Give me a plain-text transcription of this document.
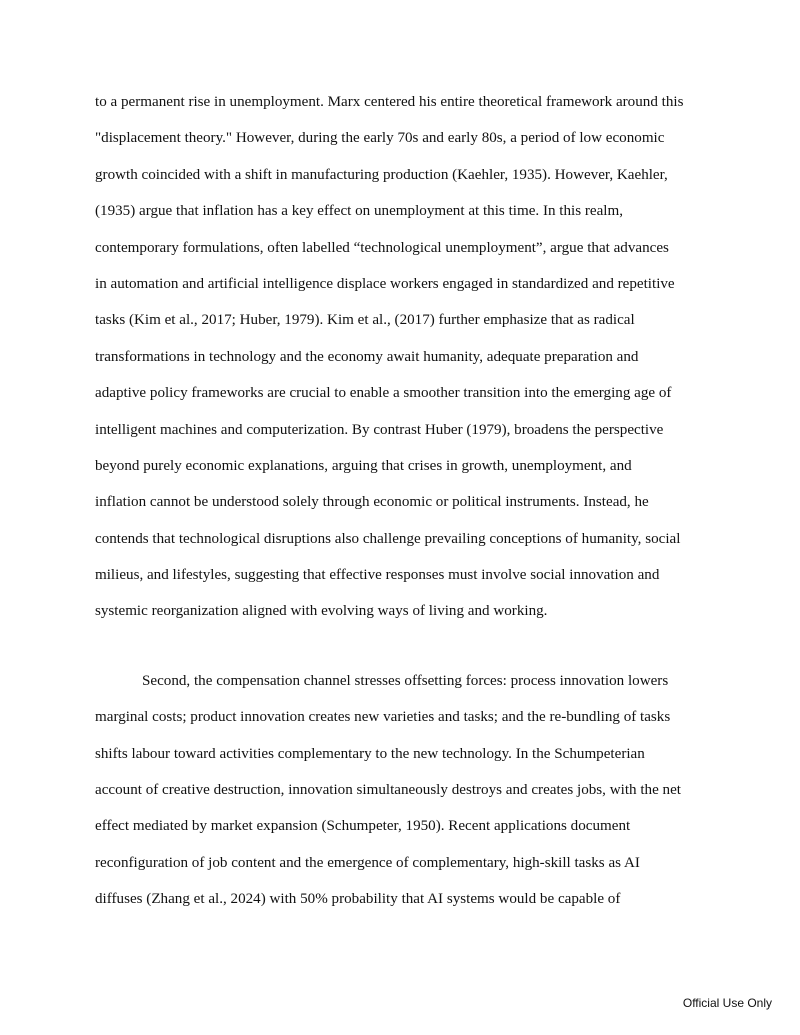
to a permanent rise in unemployment. Marx centered his entire theoretical framework around this
"displacement theory." However, during the early 70s and early 80s, a period of low economic
growth coincided with a shift in manufacturing production (Kaehler, 1935). However, Kaehler,
(1935) argue that inflation has a key effect on unemployment at this time. In this realm,
contemporary formulations, often labelled “technological unemployment”, argue that advances
in automation and artificial intelligence displace workers engaged in standardized and repetitive
tasks (Kim et al., 2017; Huber, 1979). Kim et al., (2017) further emphasize that as radical
transformations in technology and the economy await humanity, adequate preparation and
adaptive policy frameworks are crucial to enable a smoother transition into the emerging age of
intelligent machines and computerization. By contrast Huber (1979), broadens the perspective
beyond purely economic explanations, arguing that crises in growth, unemployment, and
inflation cannot be understood solely through economic or political instruments. Instead, he
contends that technological disruptions also challenge prevailing conceptions of humanity, social
milieus, and lifestyles, suggesting that effective responses must involve social innovation and
systemic reorganization aligned with evolving ways of living and working.
Second, the compensation channel stresses offsetting forces: process innovation lowers
marginal costs; product innovation creates new varieties and tasks; and the re-bundling of tasks
shifts labour toward activities complementary to the new technology. In the Schumpeterian
account of creative destruction, innovation simultaneously destroys and creates jobs, with the net
effect mediated by market expansion (Schumpeter, 1950). Recent applications document
reconfiguration of job content and the emergence of complementary, high-skill tasks as AI
diffuses (Zhang et al., 2024) with 50% probability that AI systems would be capable of
Official Use Only
